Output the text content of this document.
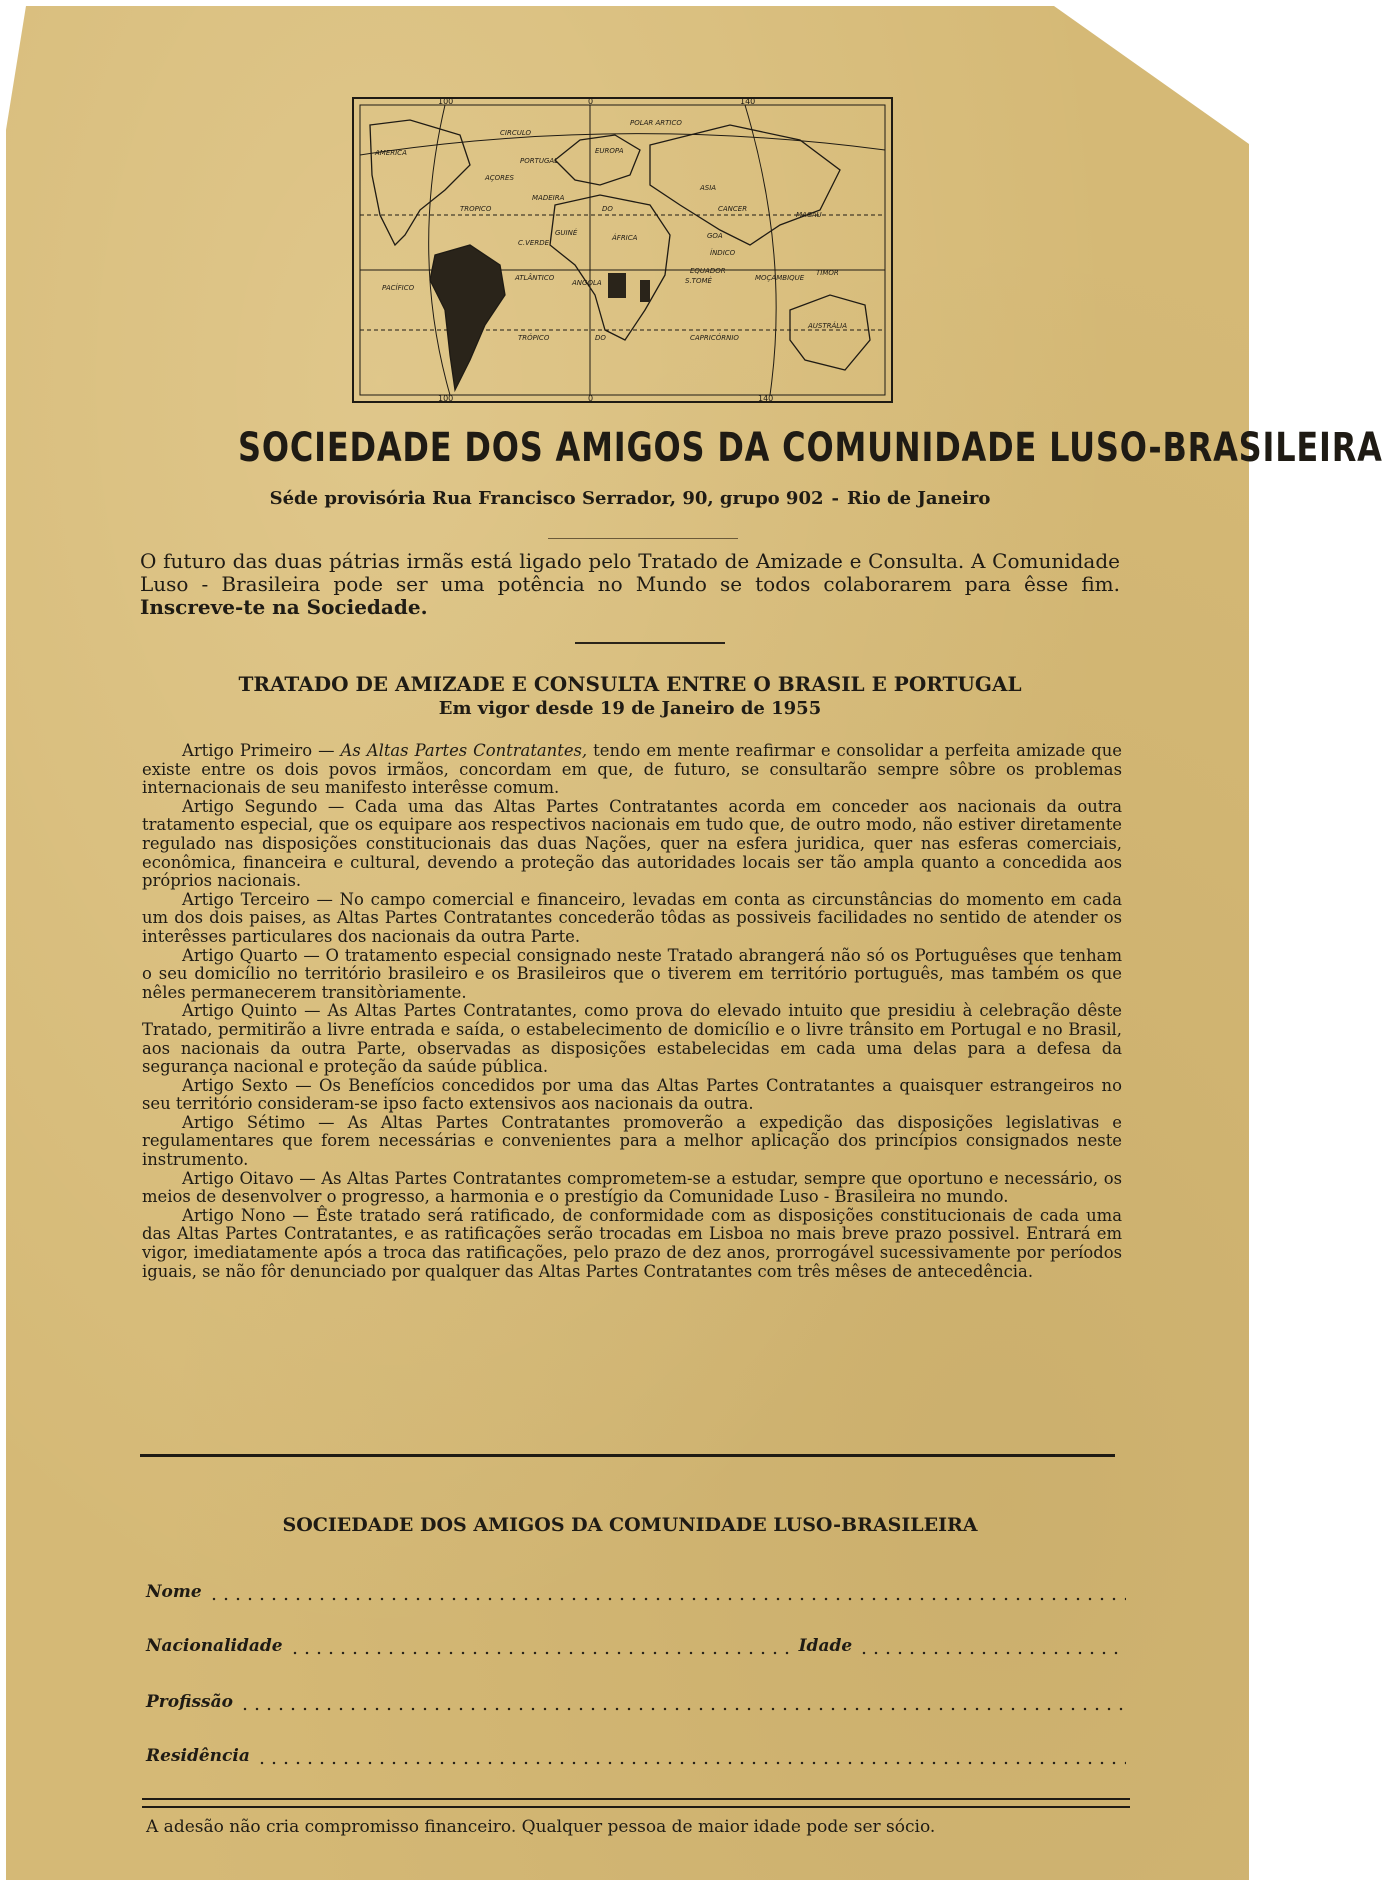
100	0	140
100	0	140
AMERICA
CIRCULO
POLAR ARTICO
EUROPA
PORTUGAL
AÇORES
MADEIRA
ASIA
TROPICO	CANCER
DO
ÁFRICA
C.VERDE
GUINÉ	GOA
MACAU
TIMOR
EQUADOR
S.TOMÉ
ANGOLA
MOÇAMBIQUE
ATLÂNTICO
PACÍFICO
ÍNDICO
TRÓPICO	DO	CAPRICÓRNIO
AUSTRÁLIA
SOCIEDADE DOS AMIGOS DA COMUNIDADE LUSO-BRASILEIRA
Séde provisória Rua Francisco Serrador, 90, grupo 902 - Rio de Janeiro
O futuro das duas pátrias irmãs está ligado pelo Tratado de Amizade e Consulta. A Comunidade Luso - Brasileira pode ser uma potência no Mundo se todos colaborarem para êsse fim. Inscreve-te na Sociedade.
TRATADO DE AMIZADE E CONSULTA ENTRE O BRASIL E PORTUGAL
Em vigor desde 19 de Janeiro de 1955

Artigo Primeiro — As Altas Partes Contratantes, tendo em mente reafirmar e consolidar a perfeita amizade que existe entre os dois povos irmãos, concordam em que, de futuro, se consultarão sempre sôbre os problemas internacionais de seu manifesto interêsse comum.

Artigo Segundo — Cada uma das Altas Partes Contratantes acorda em conceder aos nacionais da outra tratamento especial, que os equipare aos respectivos nacionais em tudo que, de outro modo, não estiver diretamente regulado nas disposições constitucionais das duas Nações, quer na esfera juridica, quer nas esferas comerciais, econômica, financeira e cultural, devendo a proteção das autoridades locais ser tão ampla quanto a concedida aos próprios nacionais.

Artigo Terceiro — No campo comercial e financeiro, levadas em conta as circunstâncias do momento em cada um dos dois paises, as Altas Partes Contratantes concederão tôdas as possiveis facilidades no sentido de atender os interêsses particulares dos nacionais da outra Parte.

Artigo Quarto — O tratamento especial consignado neste Tratado abrangerá não só os Portuguêses que tenham o seu domicílio no território brasileiro e os Brasileiros que o tiverem em território português, mas também os que nêles permanecerem transitòriamente.

Artigo Quinto — As Altas Partes Contratantes, como prova do elevado intuito que presidiu à celebração dêste Tratado, permitirão a livre entrada e saída, o estabelecimento de domicílio e o livre trânsito em Portugal e no Brasil, aos nacionais da outra Parte, observadas as disposições estabelecidas em cada uma delas para a defesa da segurança nacional e proteção da saúde pública.

Artigo Sexto — Os Benefícios concedidos por uma das Altas Partes Contratantes a quaisquer estrangeiros no seu território consideram-se ipso facto extensivos aos nacionais da outra.

Artigo Sétimo — As Altas Partes Contratantes promoverão a expedição das disposições legislativas e regulamentares que forem necessárias e convenientes para a melhor aplicação dos princípios consignados neste instrumento.

Artigo Oitavo — As Altas Partes Contratantes comprometem-se a estudar, sempre que oportuno e necessário, os meios de desenvolver o progresso, a harmonia e o prestígio da Comunidade Luso - Brasileira no mundo.

Artigo Nono — Êste tratado será ratificado, de conformidade com as disposições constitucionais de cada uma das Altas Partes Contratantes, e as ratificações serão trocadas em Lisboa no mais breve prazo possivel. Entrará em vigor, imediatamente após a troca das ratificações, pelo prazo de dez anos, prorrogável sucessivamente por períodos iguais, se não fôr denunciado por qualquer das Altas Partes Contratantes com três mêses de antecedência.

SOCIEDADE DOS AMIGOS DA COMUNIDADE LUSO-BRASILEIRA
Nome
Nacionalidade	Idade
Profissão
Residência
A adesão não cria compromisso financeiro. Qualquer pessoa de maior idade pode ser sócio.
